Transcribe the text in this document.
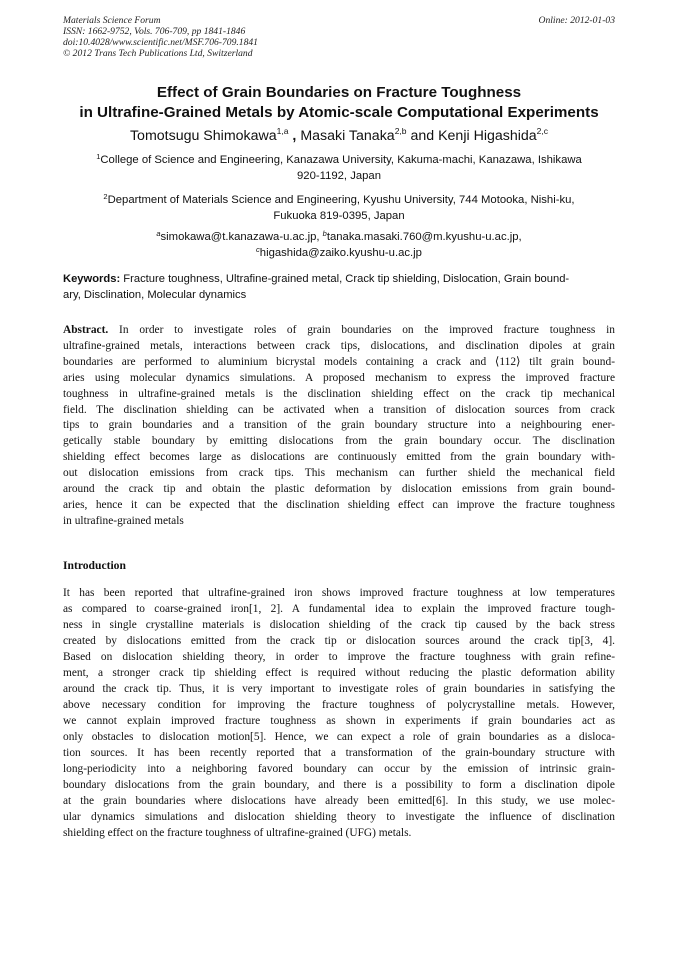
Materials Science Forum	Online: 2012-01-03
ISSN: 1662-9752, Vols. 706-709, pp 1841-1846
doi:10.4028/www.scientific.net/MSF.706-709.1841
© 2012 Trans Tech Publications Ltd, Switzerland
Effect of Grain Boundaries on Fracture Toughness
in Ultrafine-Grained Metals by Atomic-scale Computational Experiments
Tomotsugu Shimokawa$^{1,a}$ , Masaki Tanaka$^{2,b}$ and Kenji Higashida$^{2,c}$
$^1$College of Science and Engineering, Kanazawa University, Kakuma-machi, Kanazawa, Ishikawa
920-1192, Japan
$^2$Department of Materials Science and Engineering, Kyushu University, 744 Motooka, Nishi-ku,
Fukuoka 819-0395, Japan
$^a$simokawa@t.kanazawa-u.ac.jp, $^b$tanaka.masaki.760@m.kyushu-u.ac.jp,
$^c$higashida@zaiko.kyushu-u.ac.jp
Keywords: Fracture toughness, Ultrafine-grained metal, Crack tip shielding, Dislocation, Grain bound-
ary, Disclination, Molecular dynamics
Abstract. In order to investigate roles of grain boundaries on the improved fracture toughness in
ultrafine-grained metals, interactions between crack tips, dislocations, and disclination dipoles at grain
boundaries are performed to aluminium bicrystal models containing a crack and ⟨112⟩ tilt grain bound-
aries using molecular dynamics simulations. A proposed mechanism to express the improved fracture
toughness in ultrafine-grained metals is the disclination shielding effect on the crack tip mechanical
field. The disclination shielding can be activated when a transition of dislocation sources from crack
tips to grain boundaries and a transition of the grain boundary structure into a neighbouring ener-
getically stable boundary by emitting dislocations from the grain boundary occur. The disclination
shielding effect becomes large as dislocations are continuously emitted from the grain boundary with-
out dislocation emissions from crack tips. This mechanism can further shield the mechanical field
around the crack tip and obtain the plastic deformation by dislocation emissions from grain bound-
aries, hence it can be expected that the disclination shielding effect can improve the fracture toughness
in ultrafine-grained metals
Introduction
It has been reported that ultrafine-grained iron shows improved fracture toughness at low temperatures
as compared to coarse-grained iron[1, 2]. A fundamental idea to explain the improved fracture tough-
ness in single crystalline materials is dislocation shielding of the crack tip caused by the back stress
created by dislocations emitted from the crack tip or dislocation sources around the crack tip[3, 4].
Based on dislocation shielding theory, in order to improve the fracture toughness with grain refine-
ment, a stronger crack tip shielding effect is required without reducing the plastic deformation ability
around the crack tip. Thus, it is very important to investigate roles of grain boundaries in satisfying the
above necessary condition for improving the fracture toughness of polycrystalline metals. However,
we cannot explain improved fracture toughness as shown in experiments if grain boundaries act as
only obstacles to dislocation motion[5]. Hence, we can expect a role of grain boundaries as a disloca-
tion sources. It has been recently reported that a transformation of the grain-boundary structure with
long-periodicity into a neighboring favored boundary can occur by the emission of intrinsic grain-
boundary dislocations from the grain boundary, and there is a possibility to form a disclination dipole
at the grain boundaries where dislocations have already been emitted[6]. In this study, we use molec-
ular dynamics simulations and dislocation shielding theory to investigate the influence of disclination
shielding effect on the fracture toughness of ultrafine-grained (UFG) metals.
